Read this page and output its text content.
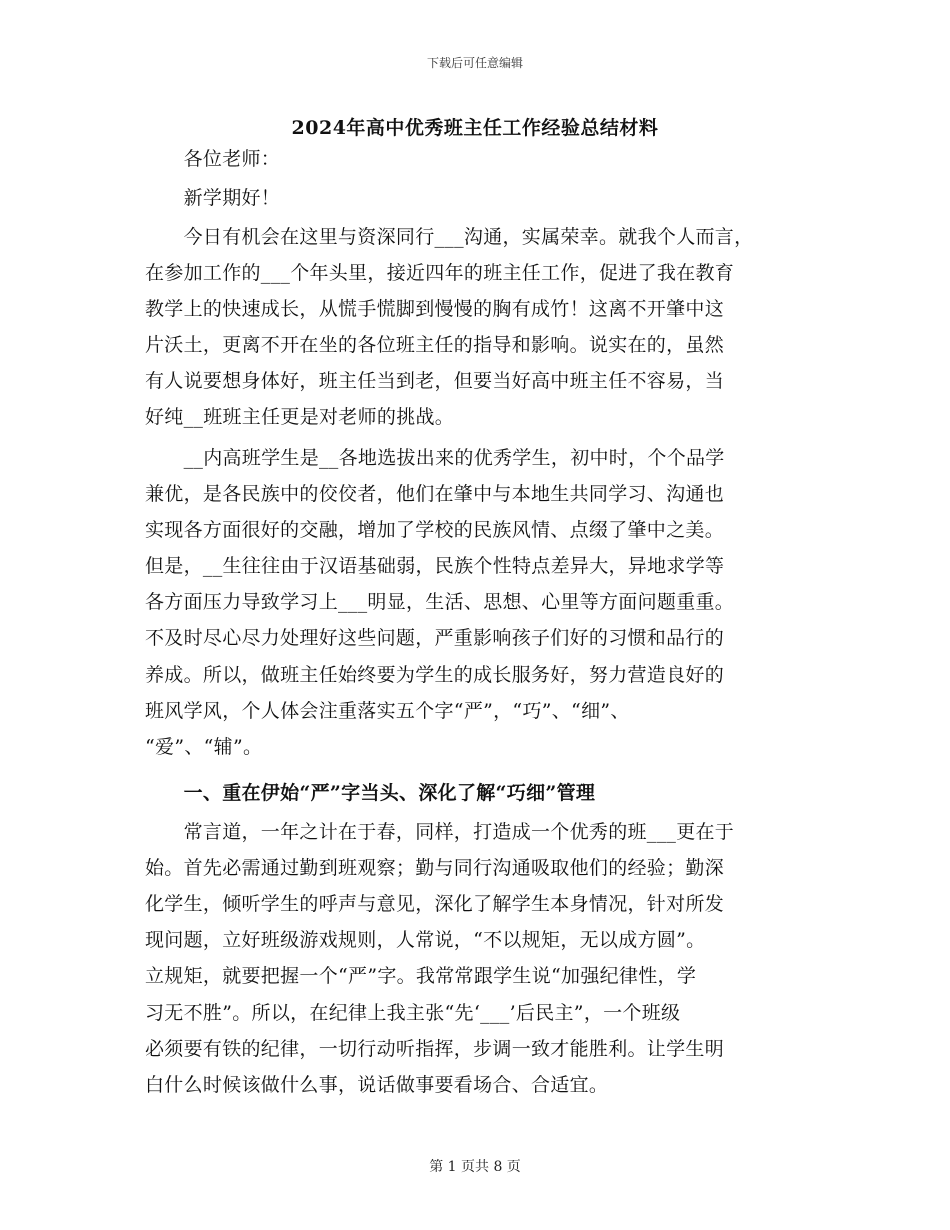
下载后可任意编辑
2024年高中优秀班主任工作经验总结材料
　　各位老师：
　　新学期好！
　　今日有机会在这里与资深同行___沟通，实属荣幸。就我个人而言，
在参加工作的___个年头里，接近四年的班主任工作，促进了我在教育
教学上的快速成长，从慌手慌脚到慢慢的胸有成竹！这离不开肇中这
片沃土，更离不开在坐的各位班主任的指导和影响。说实在的，虽然
有人说要想身体好，班主任当到老，但要当好高中班主任不容易，当
好纯__班班主任更是对老师的挑战。
　　__内高班学生是__各地选拔出来的优秀学生，初中时，个个品学
兼优，是各民族中的佼佼者，他们在肇中与本地生共同学习、沟通也
实现各方面很好的交融，增加了学校的民族风情、点缀了肇中之美。
但是，__生往往由于汉语基础弱，民族个性特点差异大，异地求学等
各方面压力导致学习上___明显，生活、思想、心里等方面问题重重。
不及时尽心尽力处理好这些问题，严重影响孩子们好的习惯和品行的
养成。所以，做班主任始终要为学生的成长服务好，努力营造良好的
班风学风，个人体会注重落实五个字“严”，“巧”、“细”、
“爱”、“辅”。
　　一、重在伊始“严”字当头、深化了解“巧细”管理
　　常言道，一年之计在于春，同样，打造成一个优秀的班___更在于
始。首先必需通过勤到班观察；勤与同行沟通吸取他们的经验；勤深
化学生，倾听学生的呼声与意见，深化了解学生本身情况，针对所发
现问题，立好班级游戏规则，人常说，“不以规矩，无以成方圆”。
立规矩，就要把握一个“严”字。我常常跟学生说“加强纪律性，学
习无不胜”。所以，在纪律上我主张“先‘___’后民主”，一个班级
必须要有铁的纪律，一切行动听指挥，步调一致才能胜利。让学生明
白什么时候该做什么事，说话做事要看场合、合适宜。
第 1 页共 8 页
